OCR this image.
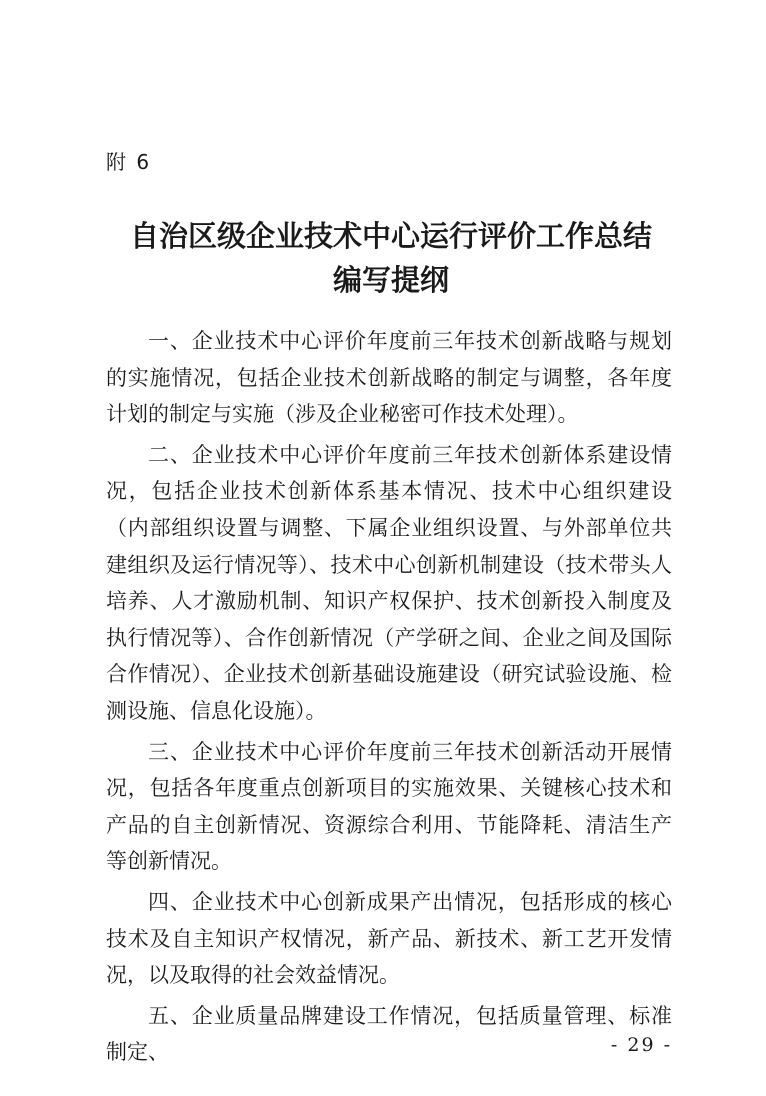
附 6
自治区级企业技术中心运行评价工作总结
编写提纲

一、企业技术中心评价年度前三年技术创新战略与规划的实施情况，包括企业技术创新战略的制定与调整，各年度计划的制定与实施（涉及企业秘密可作技术处理）。

二、企业技术中心评价年度前三年技术创新体系建设情况，包括企业技术创新体系基本情况、技术中心组织建设（内部组织设置与调整、下属企业组织设置、与外部单位共建组织及运行情况等）、技术中心创新机制建设（技术带头人培养、人才激励机制、知识产权保护、技术创新投入制度及执行情况等）、合作创新情况（产学研之间、企业之间及国际合作情况）、企业技术创新基础设施建设（研究试验设施、检测设施、信息化设施）。

三、企业技术中心评价年度前三年技术创新活动开展情况，包括各年度重点创新项目的实施效果、关键核心技术和产品的自主创新情况、资源综合利用、节能降耗、清洁生产等创新情况。

四、企业技术中心创新成果产出情况，包括形成的核心技术及自主知识产权情况，新产品、新技术、新工艺开发情况，以及取得的社会效益情况。

五、企业质量品牌建设工作情况，包括质量管理、标准制定、	- 29 -
